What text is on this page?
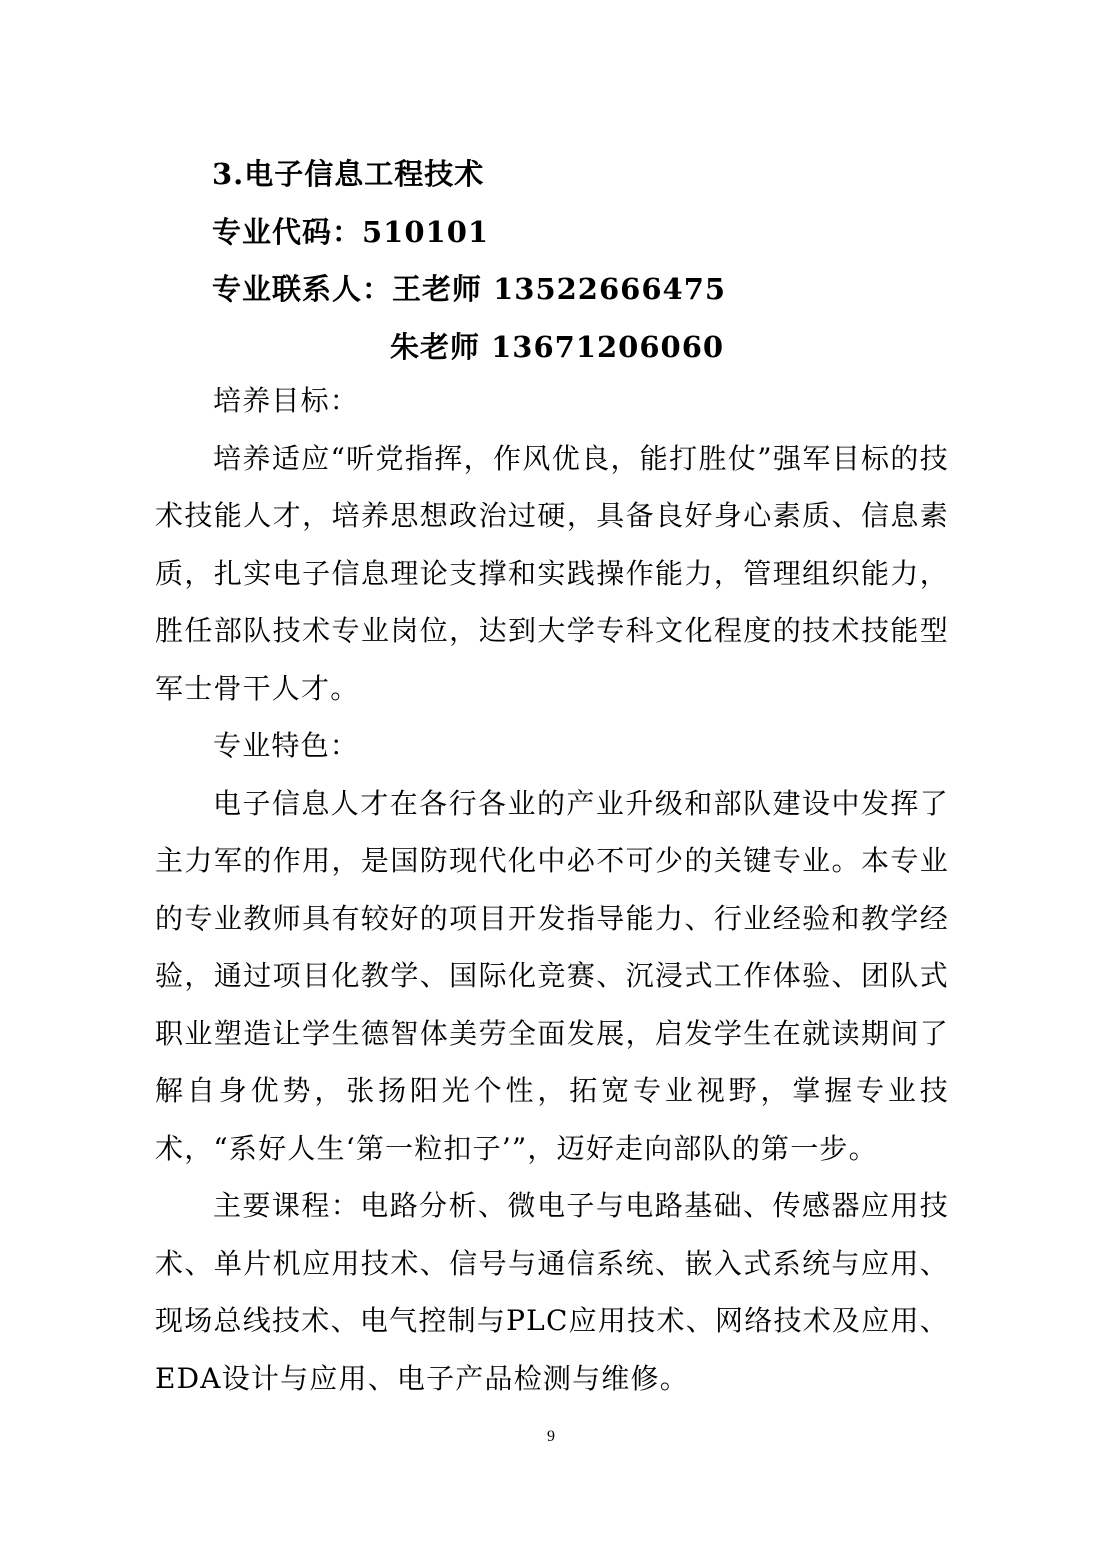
3.电子信息工程技术
专业代码：510101
专业联系人：王老师 13522666475
朱老师 13671206060

培养目标：

培养适应“听党指挥，作风优良，能打胜仗”强军目标的技术技能人才，培养思想政治过硬，具备良好身心素质、信息素质，扎实电子信息理论支撑和实践操作能力，管理组织能力，胜任部队技术专业岗位，达到大学专科文化程度的技术技能型军士骨干人才。

专业特色：

电子信息人才在各行各业的产业升级和部队建设中发挥了主力军的作用，是国防现代化中必不可少的关键专业。本专业的专业教师具有较好的项目开发指导能力、行业经验和教学经验，通过项目化教学、国际化竞赛、沉浸式工作体验、团队式职业塑造让学生德智体美劳全面发展，启发学生在就读期间了解自身优势，张扬阳光个性，拓宽专业视野，掌握专业技术，“系好人生‘第一粒扣子’”，迈好走向部队的第一步。

主要课程：电路分析、微电子与电路基础、传感器应用技术、单片机应用技术、信号与通信系统、嵌入式系统与应用、现场总线技术、电气控制与PLC应用技术、网络技术及应用、EDA设计与应用、电子产品检测与维修。

9
